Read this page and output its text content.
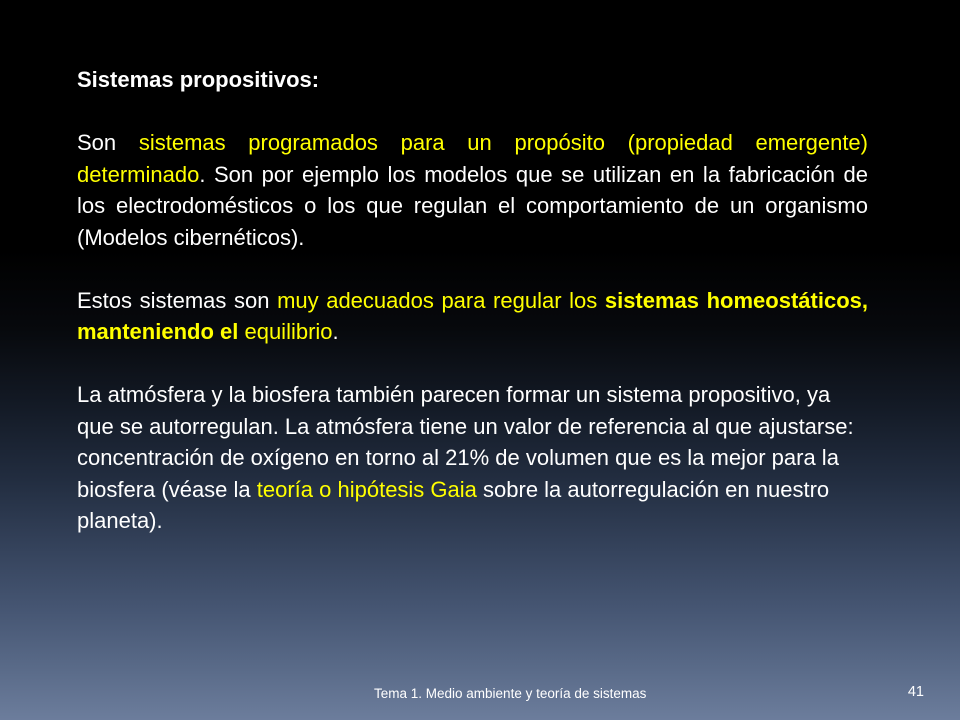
Sistemas propositivos:

Son sistemas programados para un propósito (propiedad emergente) determinado. Son por ejemplo los modelos que se utilizan en la fabricación de los electrodomésticos o los que regulan el comportamiento de un organismo (Modelos cibernéticos).

Estos sistemas son muy adecuados para regular los sistemas homeostáticos, manteniendo el equilibrio.

La atmósfera y la biosfera también parecen formar un sistema propositivo, ya que se autorregulan. La atmósfera tiene un valor de referencia al que ajustarse: concentración de oxígeno en torno al 21% de volumen que es la mejor para la biosfera (véase la teoría o hipótesis Gaia sobre la autorregulación en nuestro planeta).

Tema 1. Medio ambiente y teoría de sistemas	41
